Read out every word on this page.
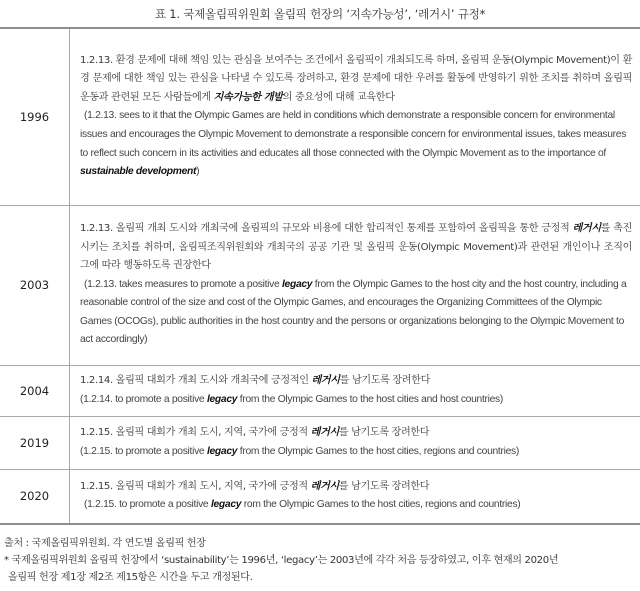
표 1. 국제올림픽위원회 올림픽 헌장의 ‘지속가능성’, ‘레거시’ 규정*
1996	1.2.13. 환경 문제에 대해 책임 있는 관심을 보여주는 조건에서 올림픽이 개최되도록 하며, 올림픽 운동(Olympic Movement)이 환경 문제에 대한 책임 있는 관심을 나타낼 수 있도록 장려하고, 환경 문제에 대한 우려를 활동에 반영하기 위한 조치를 취하며 올림픽 운동과 관련된 모든 사람들에게 지속가능한 개발의 중요성에 대해 교육한다
(1.2.13. sees to it that the Olympic Games are held in conditions which demonstrate a responsible concern for environmental issues and encourages the Olympic Movement to demonstrate a responsible concern for environmental issues, takes measures to reflect such concern in its activities and educates all those connected with the Olympic Movement as to the importance of sustainable development)

2003	1.2.13. 올림픽 개최 도시와 개최국에 올림픽의 규모와 비용에 대한 합리적인 통제를 포함하여 올림픽을 통한 긍정적 레거시를 촉진시키는 조치를 취하며, 올림픽조직위원회와 개최국의 공공 기관 및 올림픽 운동(Olympic Movement)과 관련된 개인이나 조직이 그에 따라 행동하도록 권장한다
(1.2.13. takes measures to promote a positive legacy from the Olympic Games to the host city and the host country, including a reasonable control of the size and cost of the Olympic Games, and encourages the Organizing Committees of the Olympic Games (OCOGs), public authorities in the host country and the persons or organizations belonging to the Olympic Movement to act accordingly)

2004	1.2.14. 올림픽 대회가 개최 도시와 개최국에 긍정적인 레거시를 남기도록 장려한다
(1.2.14. to promote a positive legacy from the Olympic Games to the host cities and host countries)

2019	1.2.15. 올림픽 대회가 개최 도시, 지역, 국가에 긍정적 레거시를 남기도록 장려한다
(1.2.15. to promote a positive legacy from the Olympic Games to the host cities, regions and countries)

2020	1.2.15. 올림픽 대회가 개최 도시, 지역, 국가에 긍정적 레거시를 남기도록 장려한다
(1.2.15. to promote a positive legacy rom the Olympic Games to the host cities, regions and countries)
출처 : 국제올림픽위원회. 각 연도별 올림픽 헌장
* 국제올림픽위원회 올림픽 헌장에서 ‘sustainability’는 1996년, ‘legacy’는 2003년에 각각 처음 등장하였고, 이후 현재의 2020년
올림픽 헌장 제1장 제2조 제15항은 시간을 두고 개정된다.
